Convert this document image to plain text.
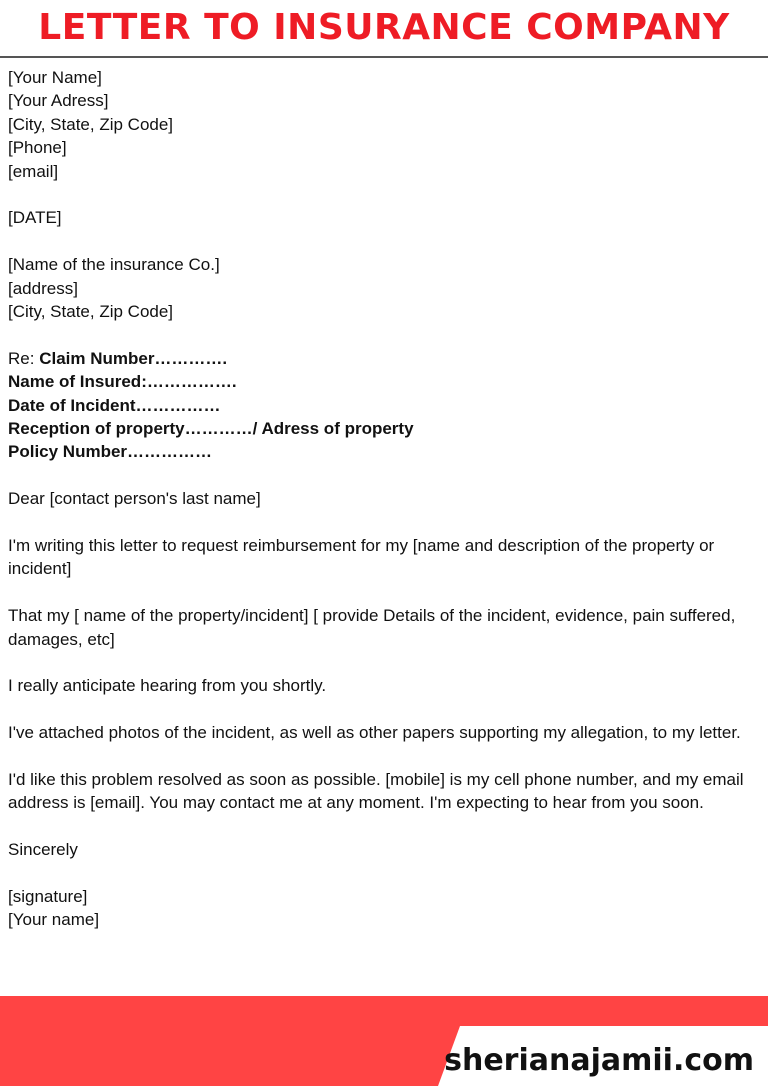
LETTER TO INSURANCE COMPANY
[Your Name]
[Your Adress]
[City, State, Zip Code]
[Phone]
[email]
[DATE]
[Name of the insurance Co.]
[address]
[City, State, Zip Code]
Re: Claim Number………….
Name of Insured:…………….
Date of Incident……………
Reception of property…………/ Adress of property
Policy Number……………
Dear [contact person's last name]
I'm writing this letter to request reimbursement for my [name and description of the property or incident]
That my [ name of the property/incident] [ provide Details of the incident, evidence, pain suffered, damages, etc]
I really anticipate hearing from you shortly.
I've attached photos of the incident, as well as other papers supporting my allegation, to my letter.
I'd like this problem resolved as soon as possible. [mobile] is my cell phone number, and my email address is [email]. You may contact me at any moment. I'm expecting to hear from you soon.
Sincerely
[signature]
[Your name]
sherianajamii.com
